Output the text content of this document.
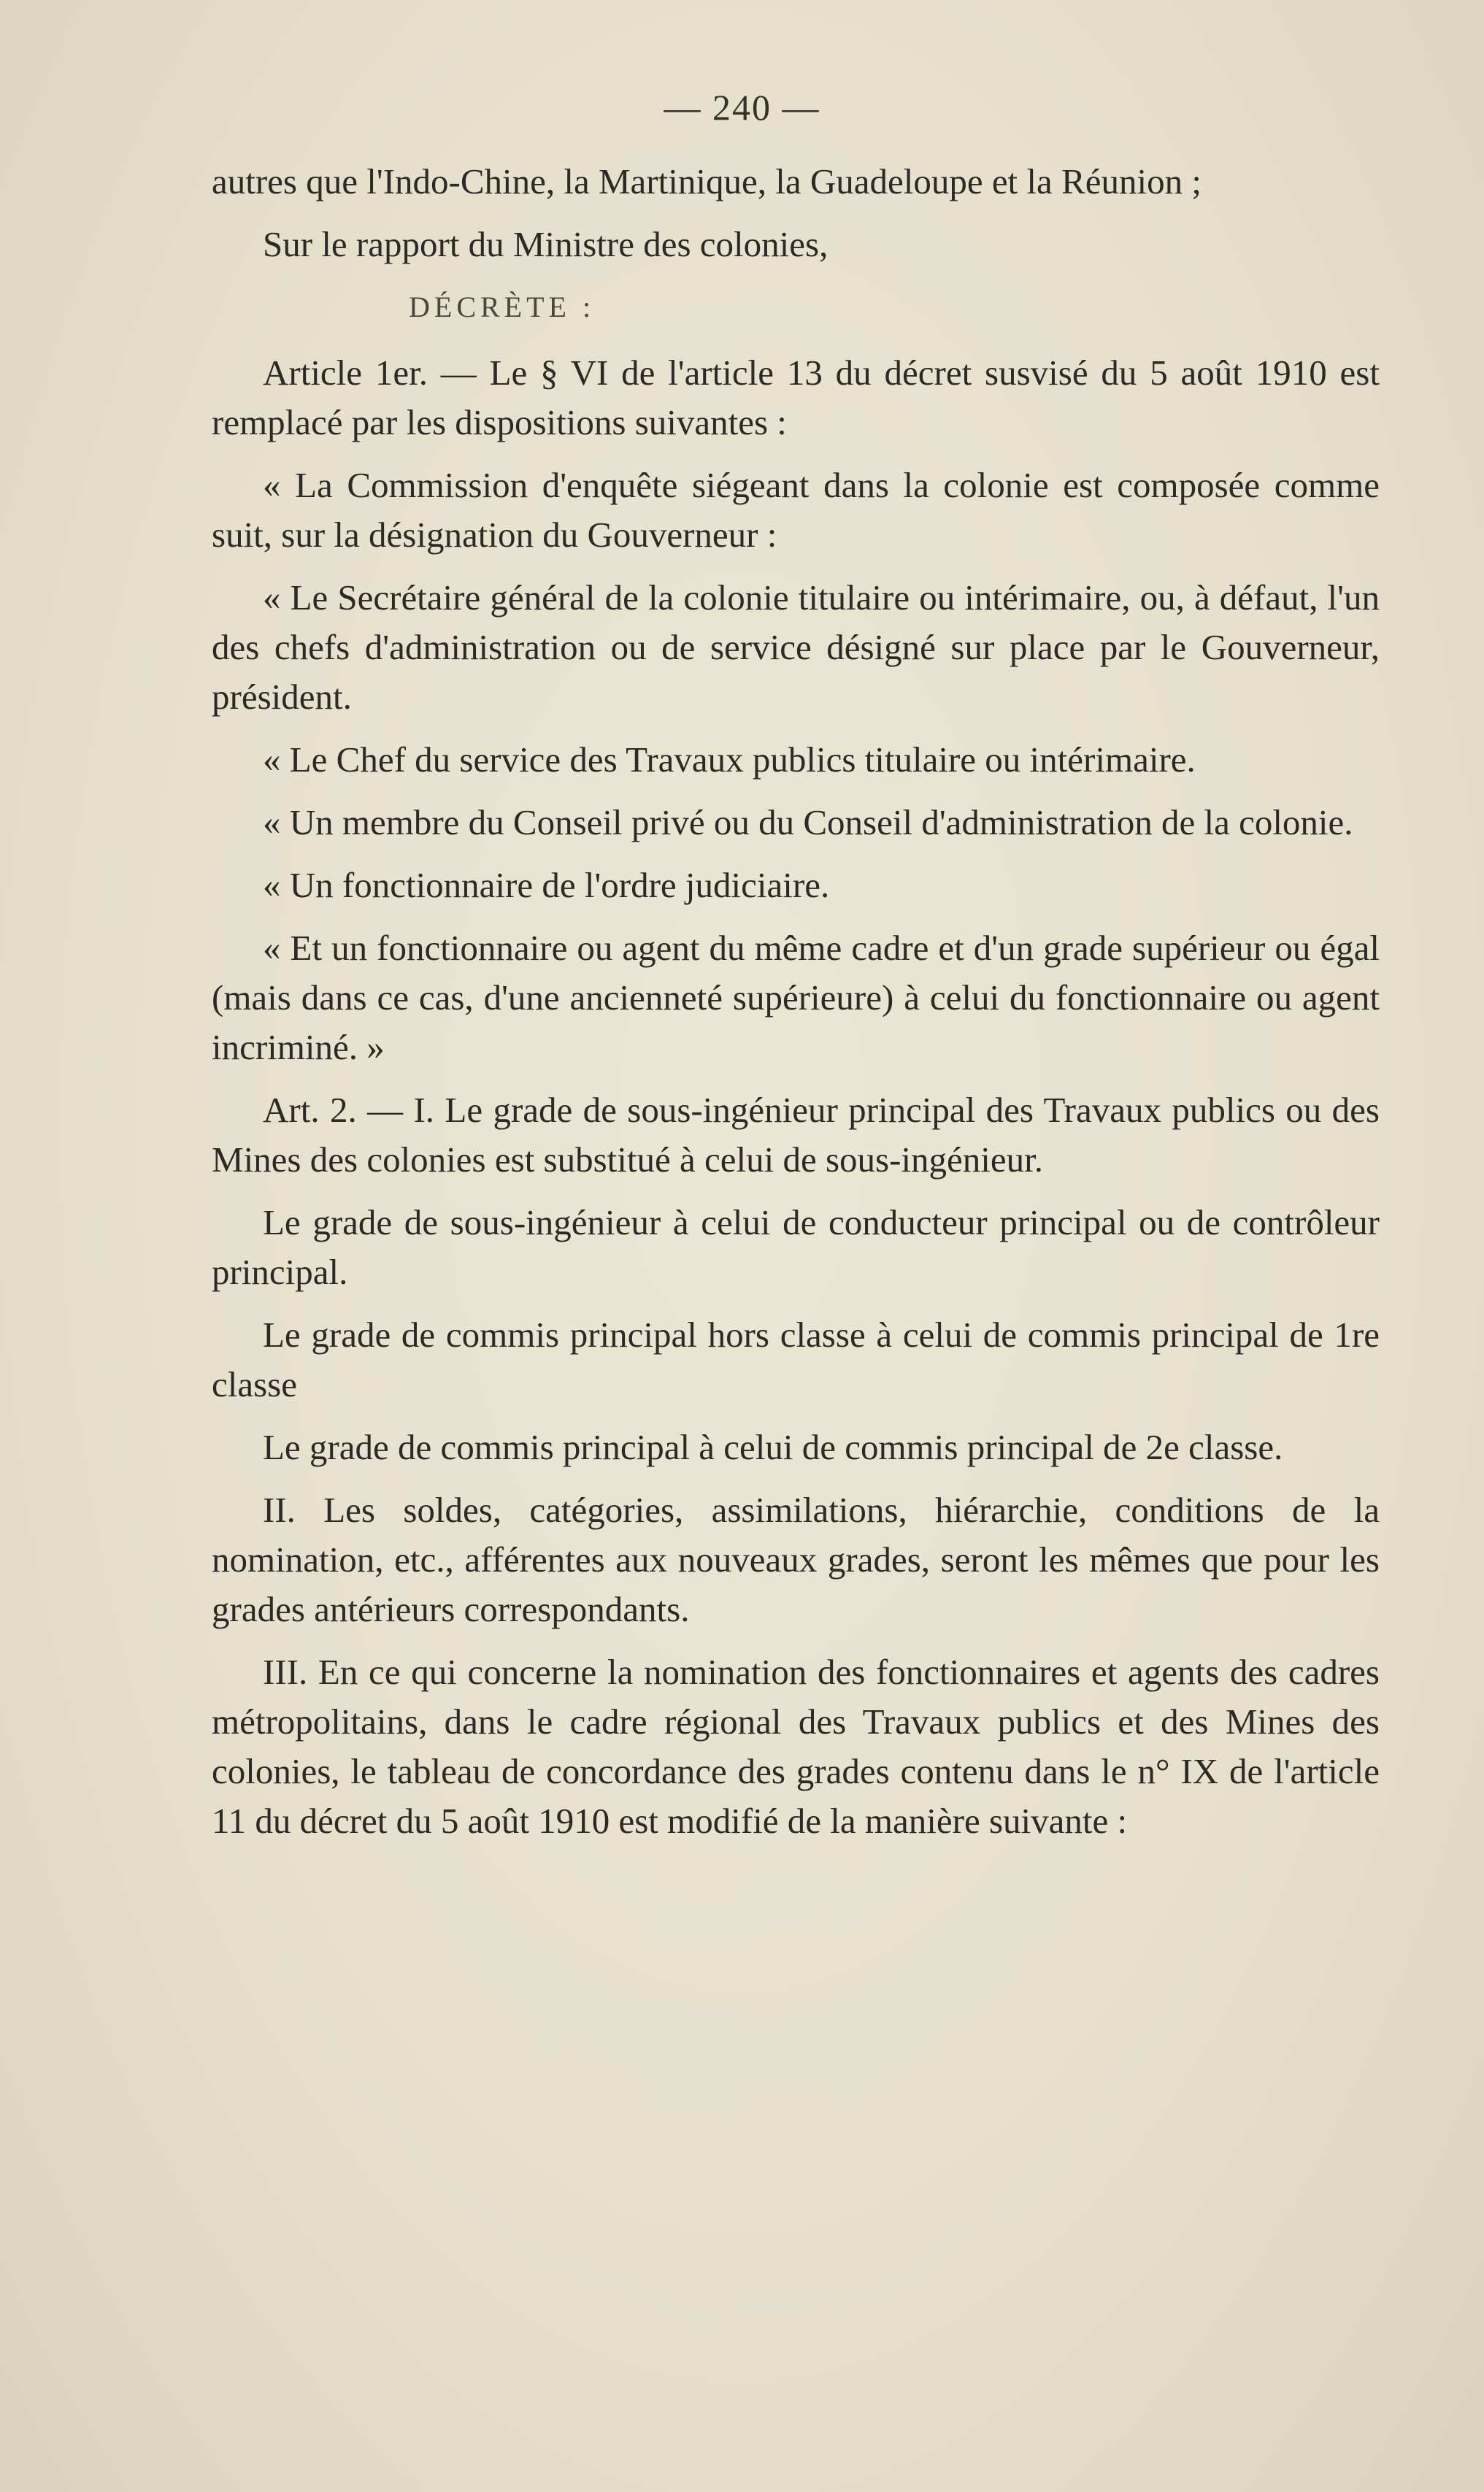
— 240 —

autres que l'Indo-Chine, la Martinique, la Guadeloupe et la Réunion ;

Sur le rapport du Ministre des colonies,

DÉCRÈTE :

Article 1er. — Le § VI de l'article 13 du décret susvisé du 5 août 1910 est remplacé par les dispositions suivantes :

« La Commission d'enquête siégeant dans la colonie est composée comme suit, sur la désignation du Gouverneur :

« Le Secrétaire général de la colonie titulaire ou intérimaire, ou, à défaut, l'un des chefs d'administration ou de service désigné sur place par le Gouverneur, président.

« Le Chef du service des Travaux publics titulaire ou intérimaire.

« Un membre du Conseil privé ou du Conseil d'administration de la colonie.

« Un fonctionnaire de l'ordre judiciaire.

« Et un fonctionnaire ou agent du même cadre et d'un grade supérieur ou égal (mais dans ce cas, d'une ancienneté supérieure) à celui du fonctionnaire ou agent incriminé. »

Art. 2. — I. Le grade de sous-ingénieur principal des Travaux publics ou des Mines des colonies est substitué à celui de sous-ingénieur.

Le grade de sous-ingénieur à celui de conducteur principal ou de contrôleur principal.

Le grade de commis principal hors classe à celui de commis principal de 1re classe

Le grade de commis principal à celui de commis principal de 2e classe.

II. Les soldes, catégories, assimilations, hiérarchie, conditions de la nomination, etc., afférentes aux nouveaux grades, seront les mêmes que pour les grades antérieurs correspondants.

III. En ce qui concerne la nomination des fonctionnaires et agents des cadres métropolitains, dans le cadre régional des Travaux publics et des Mines des colonies, le tableau de concordance des grades contenu dans le n° IX de l'article 11 du décret du 5 août 1910 est modifié de la manière suivante :
